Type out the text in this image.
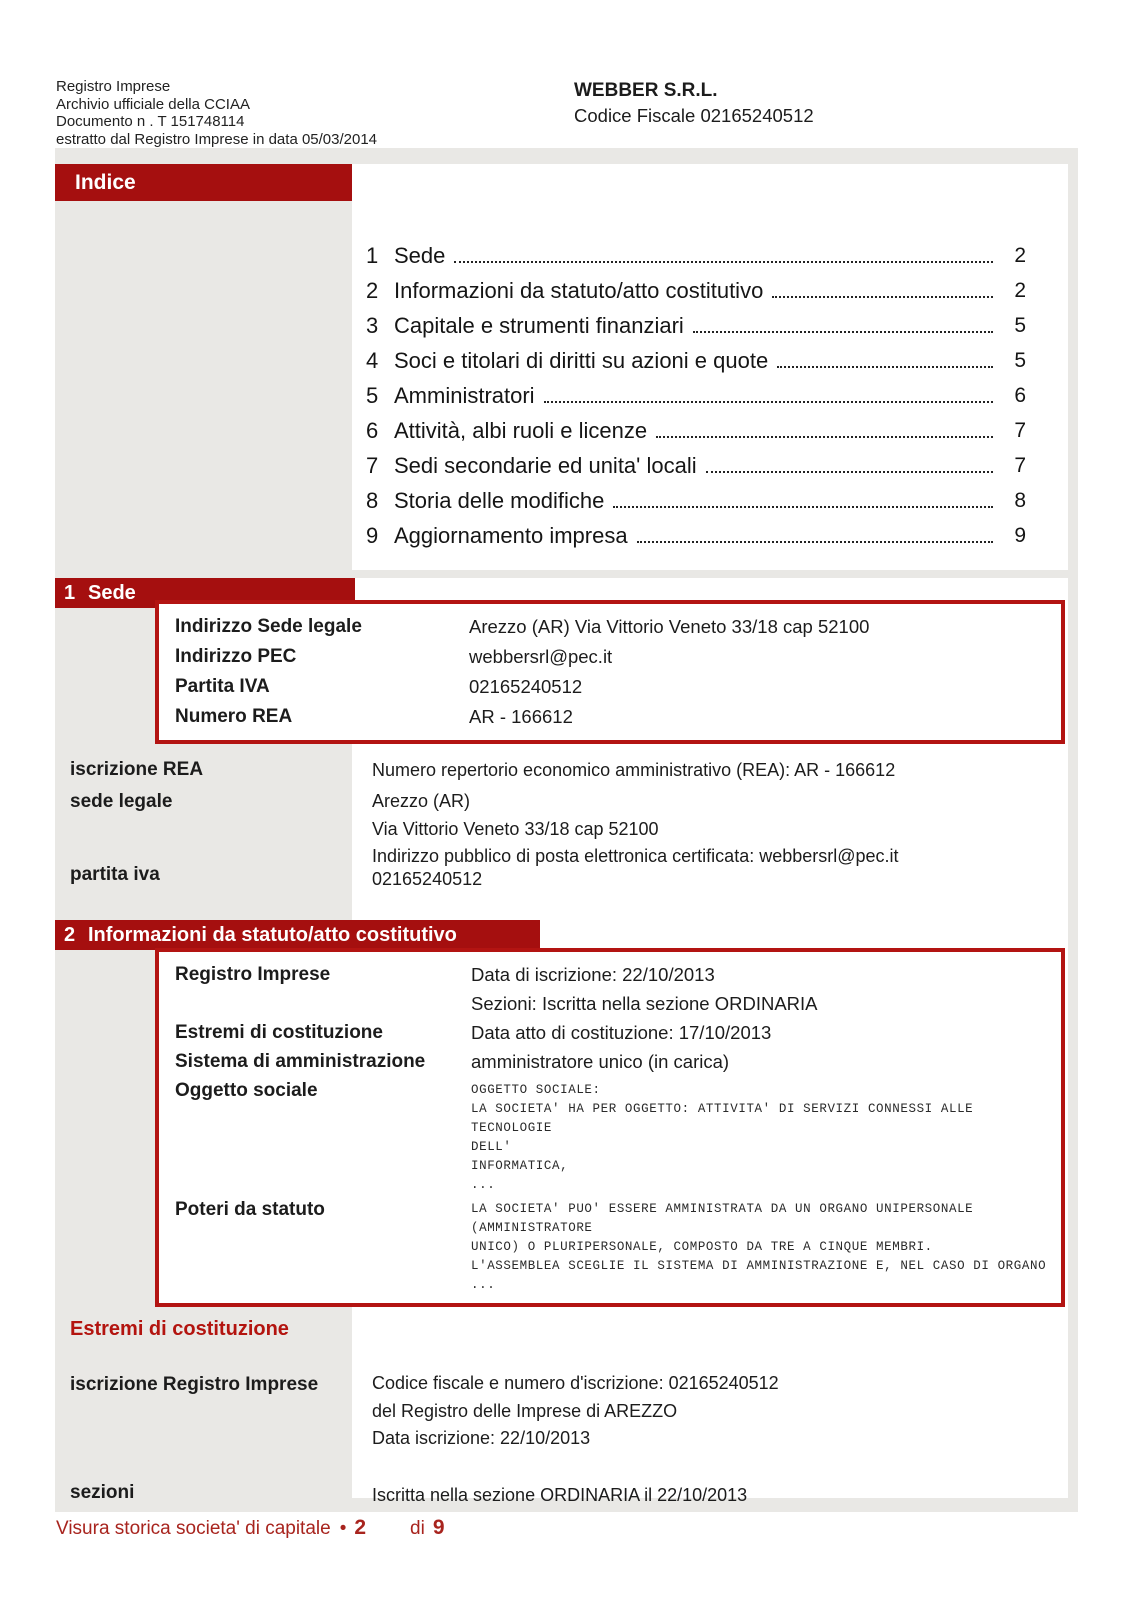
Registro Imprese
Archivio ufficiale della CCIAA
Documento n . T 151748114
estratto dal Registro Imprese in data 05/03/2014
WEBBER S.R.L.
Codice Fiscale 02165240512
Indice
1 Sede	2
2 Informazioni da statuto/atto costitutivo	2
3 Capitale e strumenti finanziari	5
4 Soci e titolari di diritti su azioni e quote	5
5 Amministratori	6
6 Attività, albi ruoli e licenze	7
7 Sedi secondarie ed unita' locali	7
8 Storia delle modifiche	8
9 Aggiornamento impresa	9
1 Sede
Indirizzo Sede legale	Arezzo (AR) Via Vittorio Veneto 33/18 cap 52100
Indirizzo PEC	webbersrl@pec.it
Partita IVA	02165240512
Numero REA	AR - 166612
iscrizione REA	Numero repertorio economico amministrativo (REA): AR - 166612
sede legale	Arezzo (AR)
Via Vittorio Veneto 33/18 cap 52100
Indirizzo pubblico di posta elettronica certificata: webbersrl@pec.it
partita iva	02165240512
2 Informazioni da statuto/atto costitutivo
Registro Imprese	Data di iscrizione: 22/10/2013
Sezioni: Iscritta nella sezione ORDINARIA
Estremi di costituzione	Data atto di costituzione: 17/10/2013
Sistema di amministrazione	amministratore unico (in carica)
Oggetto sociale	OGGETTO SOCIALE:
LA SOCIETA' HA PER OGGETTO: ATTIVITA' DI SERVIZI CONNESSI ALLE TECNOLOGIE
DELL'
INFORMATICA,
...
Poteri da statuto	LA SOCIETA' PUO' ESSERE AMMINISTRATA DA UN ORGANO UNIPERSONALE
(AMMINISTRATORE
UNICO) O PLURIPERSONALE, COMPOSTO DA TRE A CINQUE MEMBRI.
L'ASSEMBLEA SCEGLIE IL SISTEMA DI AMMINISTRAZIONE E, NEL CASO DI ORGANO
...
Estremi di costituzione
iscrizione Registro Imprese	Codice fiscale e numero d'iscrizione: 02165240512
del Registro delle Imprese di AREZZO
Data iscrizione: 22/10/2013
sezioni	Iscritta nella sezione ORDINARIA il 22/10/2013
Visura storica societa' di capitale • 2 di 9
